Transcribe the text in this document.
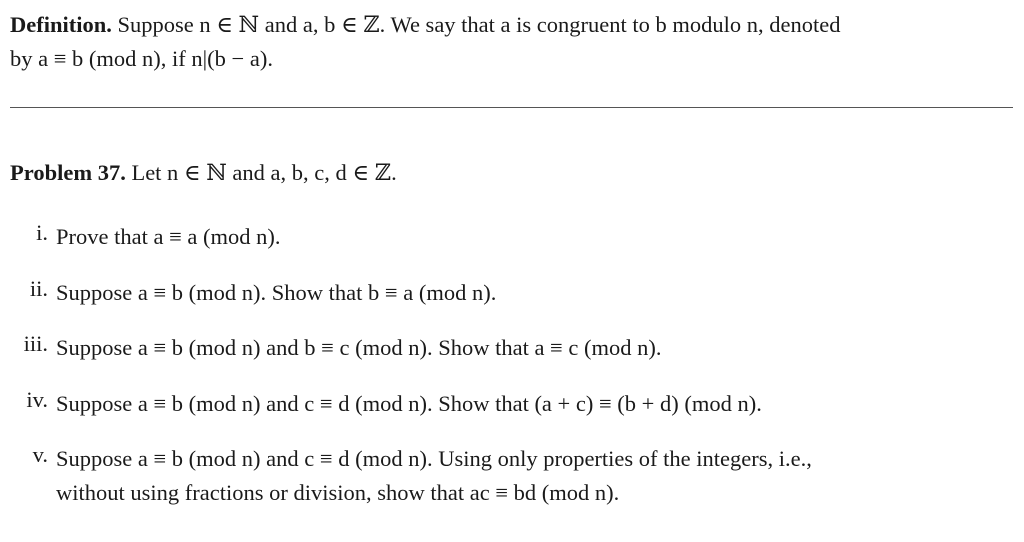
Definition. Suppose n ∈ ℕ and a, b ∈ ℤ. We say that a is congruent to b modulo n, denoted
by a ≡ b (mod n), if n|(b − a).
Problem 37. Let n ∈ ℕ and a, b, c, d ∈ ℤ.
i. Prove that a ≡ a (mod n).
ii. Suppose a ≡ b (mod n). Show that b ≡ a (mod n).
iii. Suppose a ≡ b (mod n) and b ≡ c (mod n). Show that a ≡ c (mod n).
iv. Suppose a ≡ b (mod n) and c ≡ d (mod n). Show that (a + c) ≡ (b + d) (mod n).
v. Suppose a ≡ b (mod n) and c ≡ d (mod n). Using only properties of the integers, i.e.,
without using fractions or division, show that ac ≡ bd (mod n).
